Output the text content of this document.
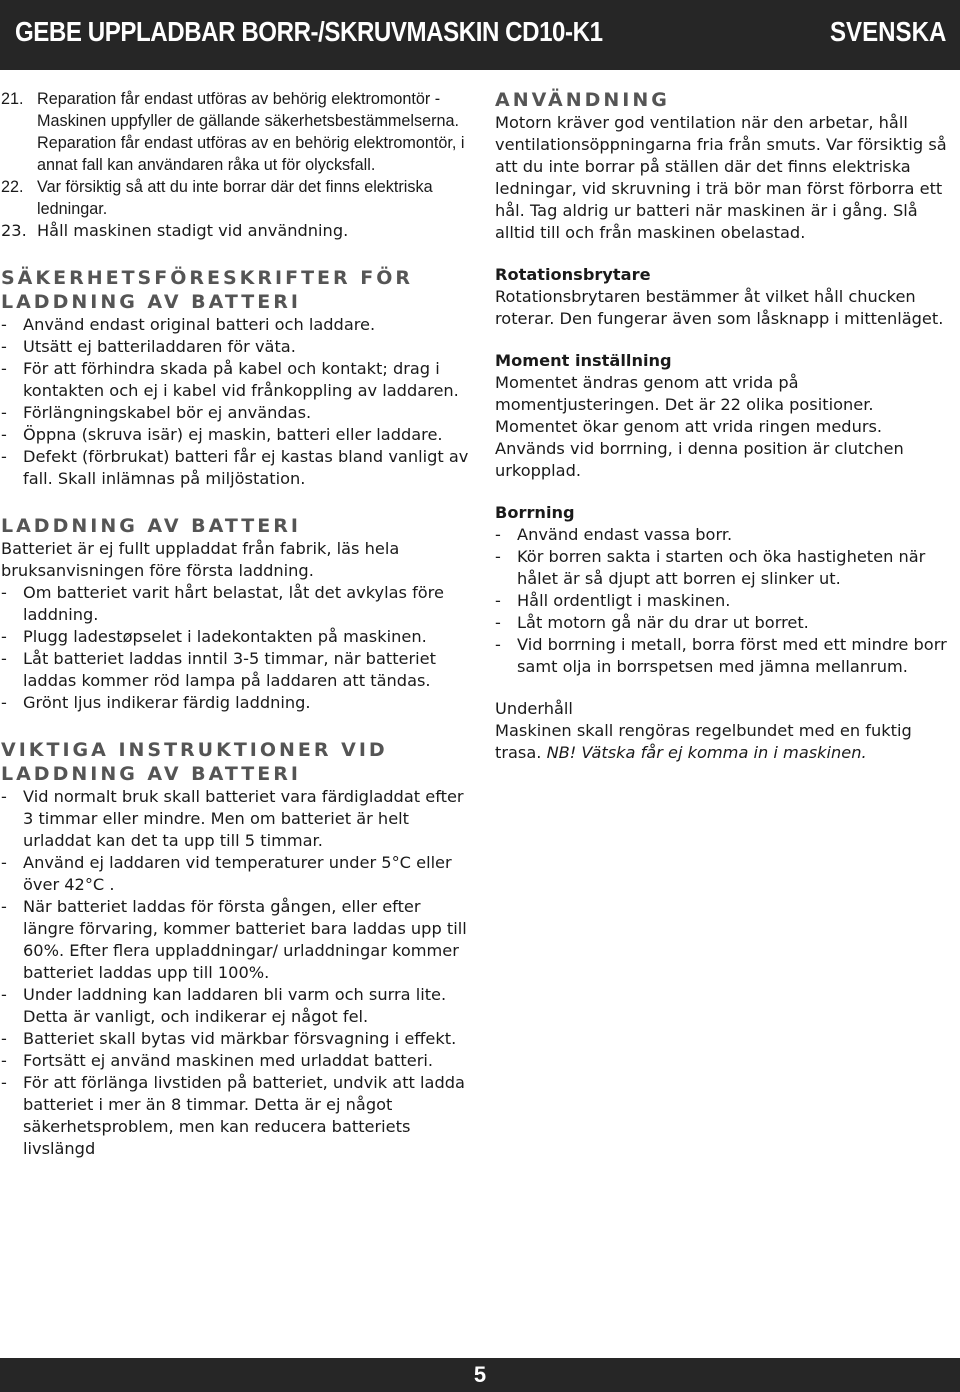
GEBE UPPLADBAR BORR-/SKRUVMASKIN CD10-K1	SVENSKA
21. Reparation får endast utföras av behörig elektromontör - Maskinen uppfyller de gällande säkerhetsbestämmelserna. Reparation får endast utföras av en behörig elektromontör, i annat fall kan användaren råka ut för olycksfall.
22. Var försiktig så att du inte borrar där det finns elektriska ledningar.
23. Håll maskinen stadigt vid användning.
SÄKERHETSFÖRESKRIFTER FÖR
LADDNING AV BATTERI
- Använd endast original batteri och laddare.
- Utsätt ej batteriladdaren för väta.
- För att förhindra skada på kabel och kontakt; drag i kontakten och ej i kabel vid frånkoppling av laddaren.
- Förlängningskabel bör ej användas.
- Öppna (skruva isär) ej maskin, batteri eller laddare.
- Defekt (förbrukat) batteri får ej kastas bland vanligt av fall. Skall inlämnas på miljöstation.
LADDNING AV BATTERI

Batteriet är ej fullt uppladdat från fabrik, läs hela bruksanvisningen före första laddning.

- Om batteriet varit hårt belastat, låt det avkylas före laddning.
- Plugg ladestøpselet i ladekontakten på maskinen.
- Låt batteriet laddas inntil 3-5 timmar, när batteriet laddas kommer röd lampa på laddaren att tändas.
- Grönt ljus indikerar färdig laddning.
VIKTIGA INSTRUKTIONER VID
LADDNING AV BATTERI
- Vid normalt bruk skall batteriet vara färdigladdat efter 3 timmar eller mindre. Men om batteriet är helt urladdat kan det ta upp till 5 timmar.
- Använd ej laddaren vid temperaturer under 5°C eller över 42°C .
- När batteriet laddas för första gången, eller efter längre förvaring, kommer batteriet bara laddas upp till 60%. Efter flera uppladdningar/ urladdningar kommer batteriet laddas upp till 100%.
- Under laddning kan laddaren bli varm och surra lite. Detta är vanligt, och indikerar ej något fel.
- Batteriet skall bytas vid märkbar försvagning i effekt.
- Fortsätt ej använd maskinen med urladdat batteri.
- För att förlänga livstiden på batteriet, undvik att ladda batteriet i mer än 8 timmar. Detta är ej något säkerhetsproblem, men kan reducera batteriets livslängd
ANVÄNDNING

Motorn kräver god ventilation när den arbetar, håll ventilationsöppningarna fria från smuts. Var försiktig så att du inte borrar på ställen där det finns elektriska ledningar, vid skruvning i trä bör man först förborra ett hål. Tag aldrig ur batteri när maskinen är i gång. Slå alltid till och från maskinen obelastad.

Rotationsbrytare

Rotationsbrytaren bestämmer åt vilket håll chucken roterar. Den fungerar även som låsknapp i mittenläget.

Moment inställning

Momentet ändras genom att vrida på momentjusteringen. Det är 22 olika positioner. Momentet ökar genom att vrida ringen medurs. Används vid borrning, i denna position är clutchen urkopplad.

Borrning
- Använd endast vassa borr.
- Kör borren sakta i starten och öka hastigheten när hålet är så djupt att borren ej slinker ut.
- Håll ordentligt i maskinen.
- Låt motorn gå när du drar ut borret.
- Vid borrning i metall, borra först med ett mindre borr samt olja in borrspetsen med jämna mellanrum.
Underhåll

Maskinen skall rengöras regelbundet med en fuktig trasa. NB! Vätska får ej komma in i maskinen.

5
